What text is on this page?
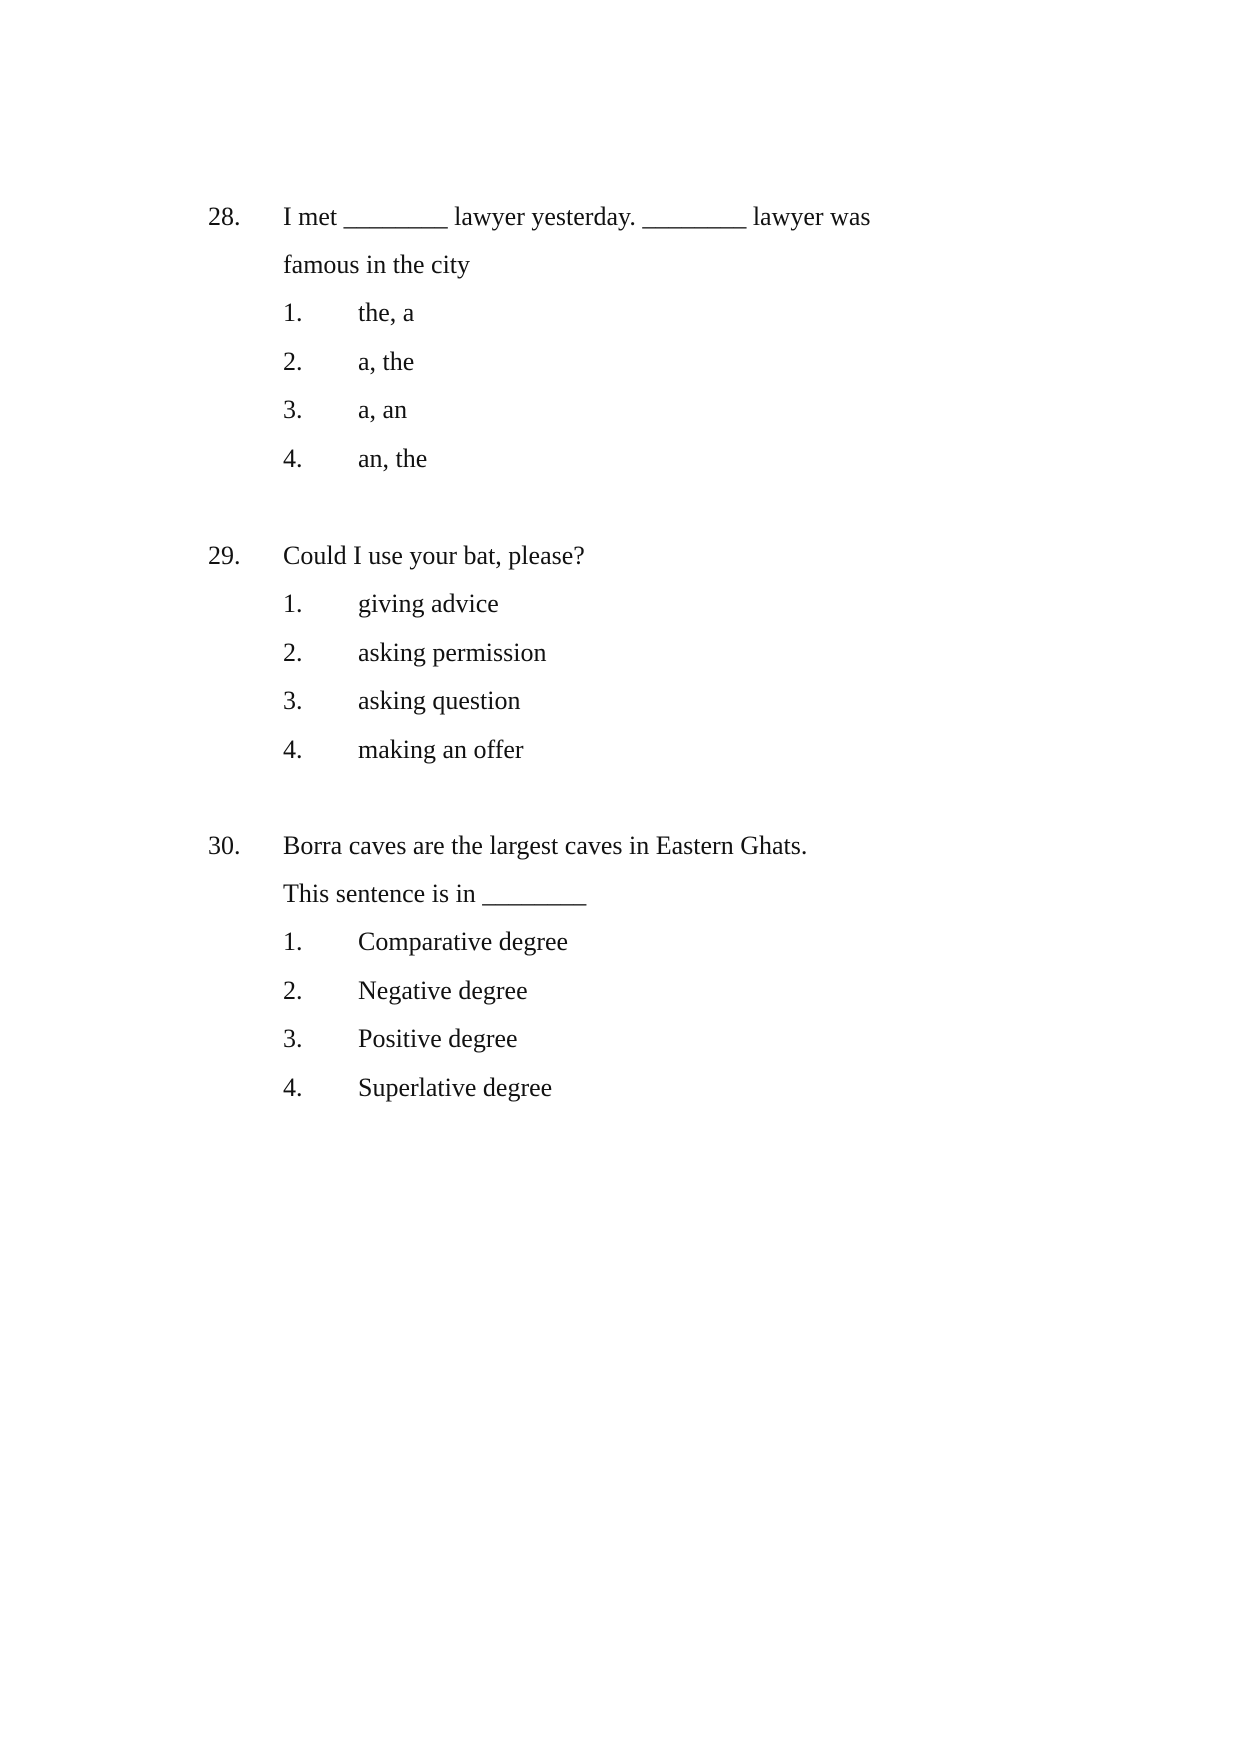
28. I met ________ lawyer yesterday. ________ lawyer was
famous in the city
1. the, a
2. a, the
3. a, an
4. an, the
29. Could I use your bat, please?
1. giving advice
2. asking permission
3. asking question
4. making an offer
30. Borra caves are the largest caves in Eastern Ghats.
This sentence is in ________
1. Comparative degree
2. Negative degree
3. Positive degree
4. Superlative degree
